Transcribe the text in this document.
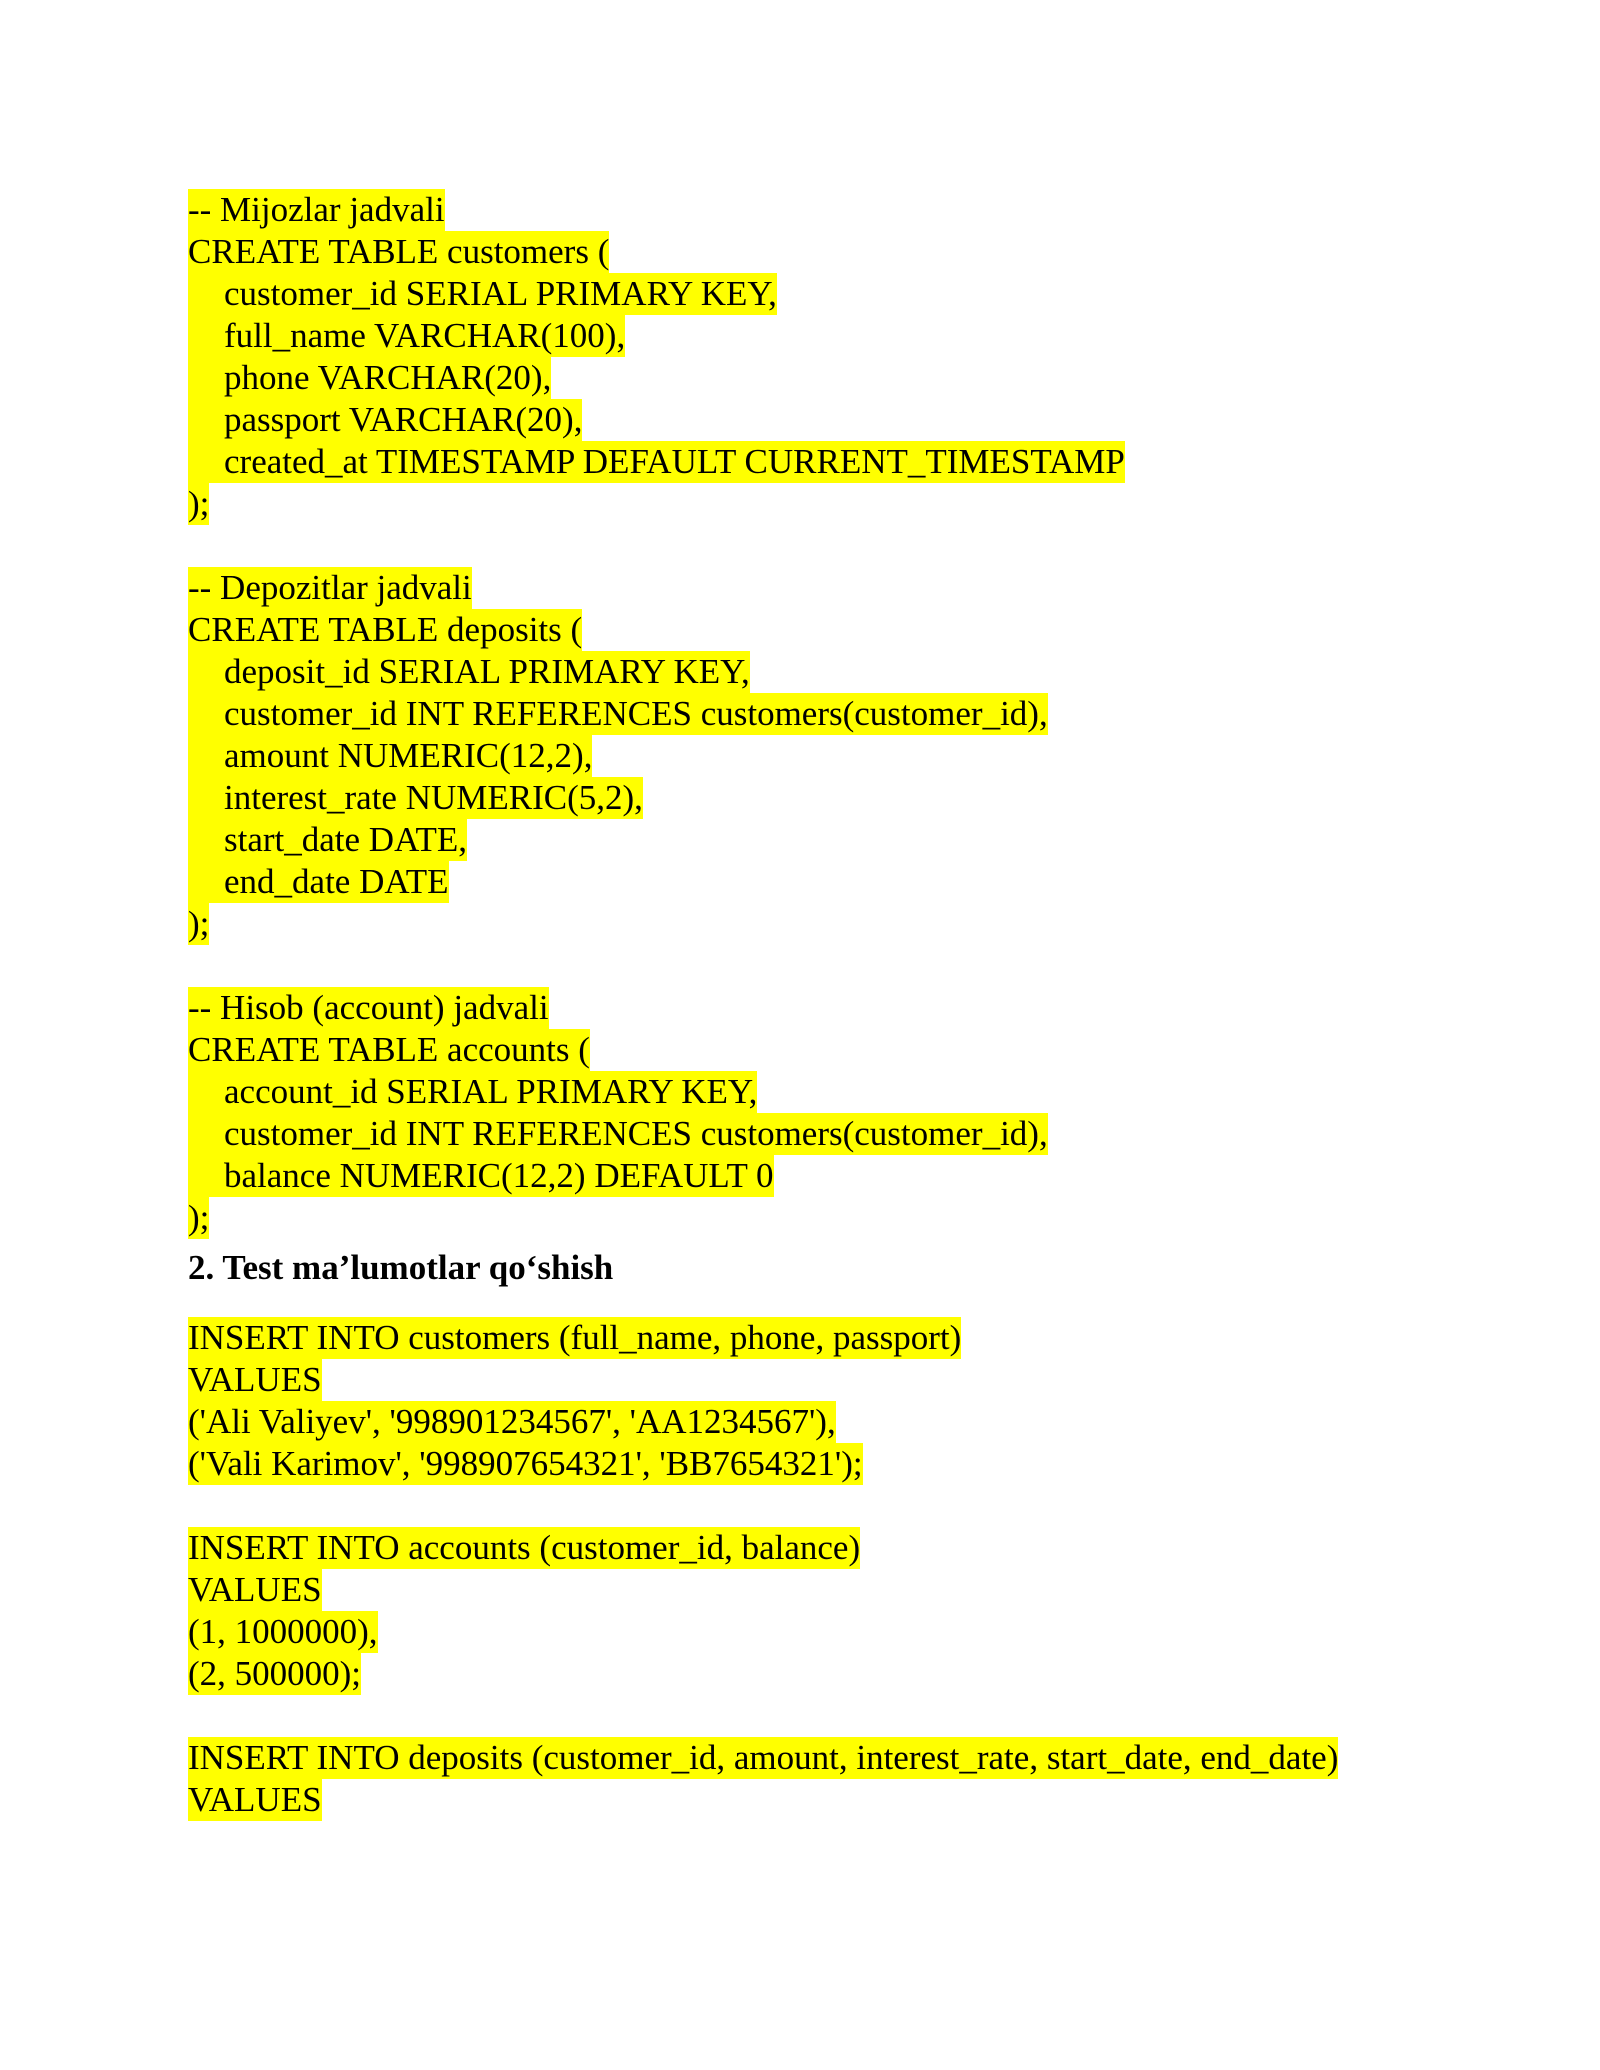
-- Mijozlar jadvali
CREATE TABLE customers (
customer_id SERIAL PRIMARY KEY,
full_name VARCHAR(100),
phone VARCHAR(20),
passport VARCHAR(20),
created_at TIMESTAMP DEFAULT CURRENT_TIMESTAMP
);
-- Depozitlar jadvali
CREATE TABLE deposits (
deposit_id SERIAL PRIMARY KEY,
customer_id INT REFERENCES customers(customer_id),
amount NUMERIC(12,2),
interest_rate NUMERIC(5,2),
start_date DATE,
end_date DATE
);
-- Hisob (account) jadvali
CREATE TABLE accounts (
account_id SERIAL PRIMARY KEY,
customer_id INT REFERENCES customers(customer_id),
balance NUMERIC(12,2) DEFAULT 0
);
2. Test ma’lumotlar qo‘shish
INSERT INTO customers (full_name, phone, passport)
VALUES
('Ali Valiyev', '998901234567', 'AA1234567'),
('Vali Karimov', '998907654321', 'BB7654321');
INSERT INTO accounts (customer_id, balance)
VALUES
(1, 1000000),
(2, 500000);
INSERT INTO deposits (customer_id, amount, interest_rate, start_date, end_date)
VALUES
